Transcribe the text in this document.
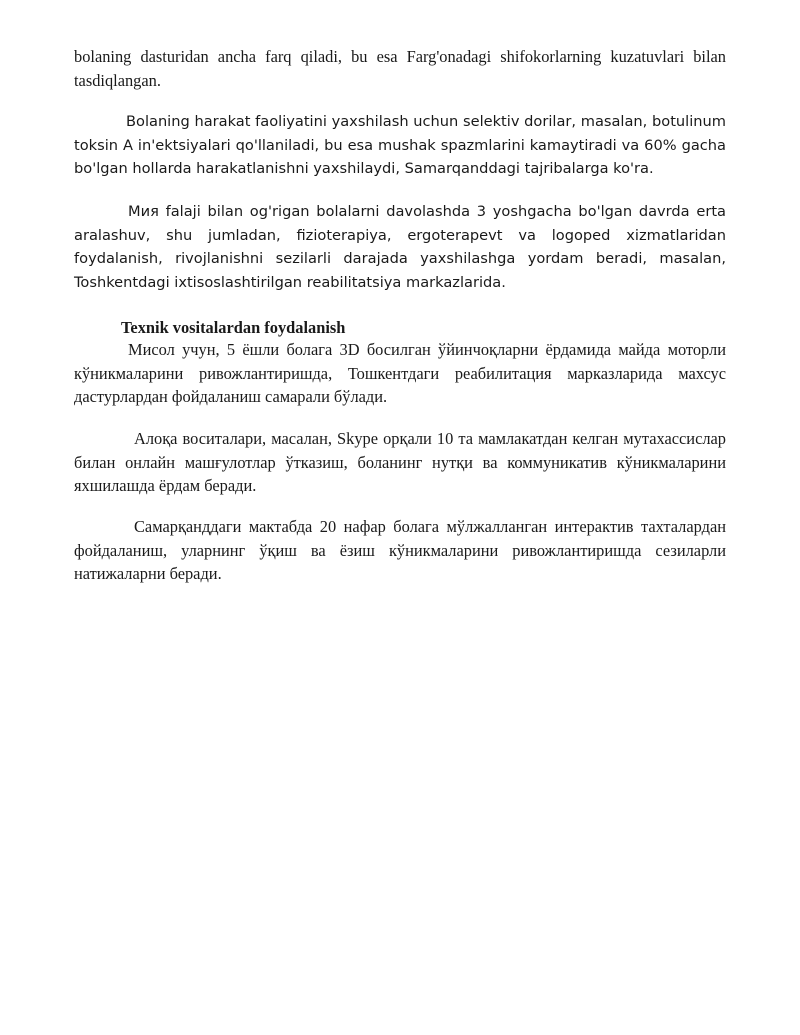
bolaning dasturidan ancha farq qiladi, bu esa Farg'onadagi shifokorlarning kuzatuvlari bilan tasdiqlangan.

Bolaning harakat faoliyatini yaxshilash uchun selektiv dorilar, masalan, botulinum toksin A in'ektsiyalari qo'llaniladi, bu esa mushak spazmlarini kamaytiradi va 60% gacha bo'lgan hollarda harakatlanishni yaxshilaydi, Samarqanddagi tajribalarga ko'ra.

Мия falaji bilan og'rigan bolalarni davolashda 3 yoshgacha bo'lgan davrda erta aralashuv, shu jumladan, fizioterapiya, ergoterapevt va logoped xizmatlaridan foydalanish, rivojlanishni sezilarli darajada yaxshilashga yordam beradi, masalan, Toshkentdagi ixtisoslashtirilgan reabilitatsiya markazlarida.

Texnik vositalardan foydalanish

Мисол учун, 5 ёшли болага 3D босилган ўйинчоқларни ёрдамида майда моторли кўникмаларини ривожлантиришда, Тошкентдаги реабилитация марказларида махсус дастурлардан фойдаланиш самарали бўлади.

Алоқа воситалари, масалан, Skype орқали 10 та мамлакатдан келган мутахассислар билан онлайн машғулотлар ўтказиш, боланинг нутқи ва коммуникатив кўникмаларини яхшилашда ёрдам беради.

Самарқанддаги мактабда 20 нафар болага мўлжалланган интерактив тахталардан фойдаланиш, уларнинг ўқиш ва ёзиш кўникмаларини ривожлантиришда сезиларли натижаларни беради.
